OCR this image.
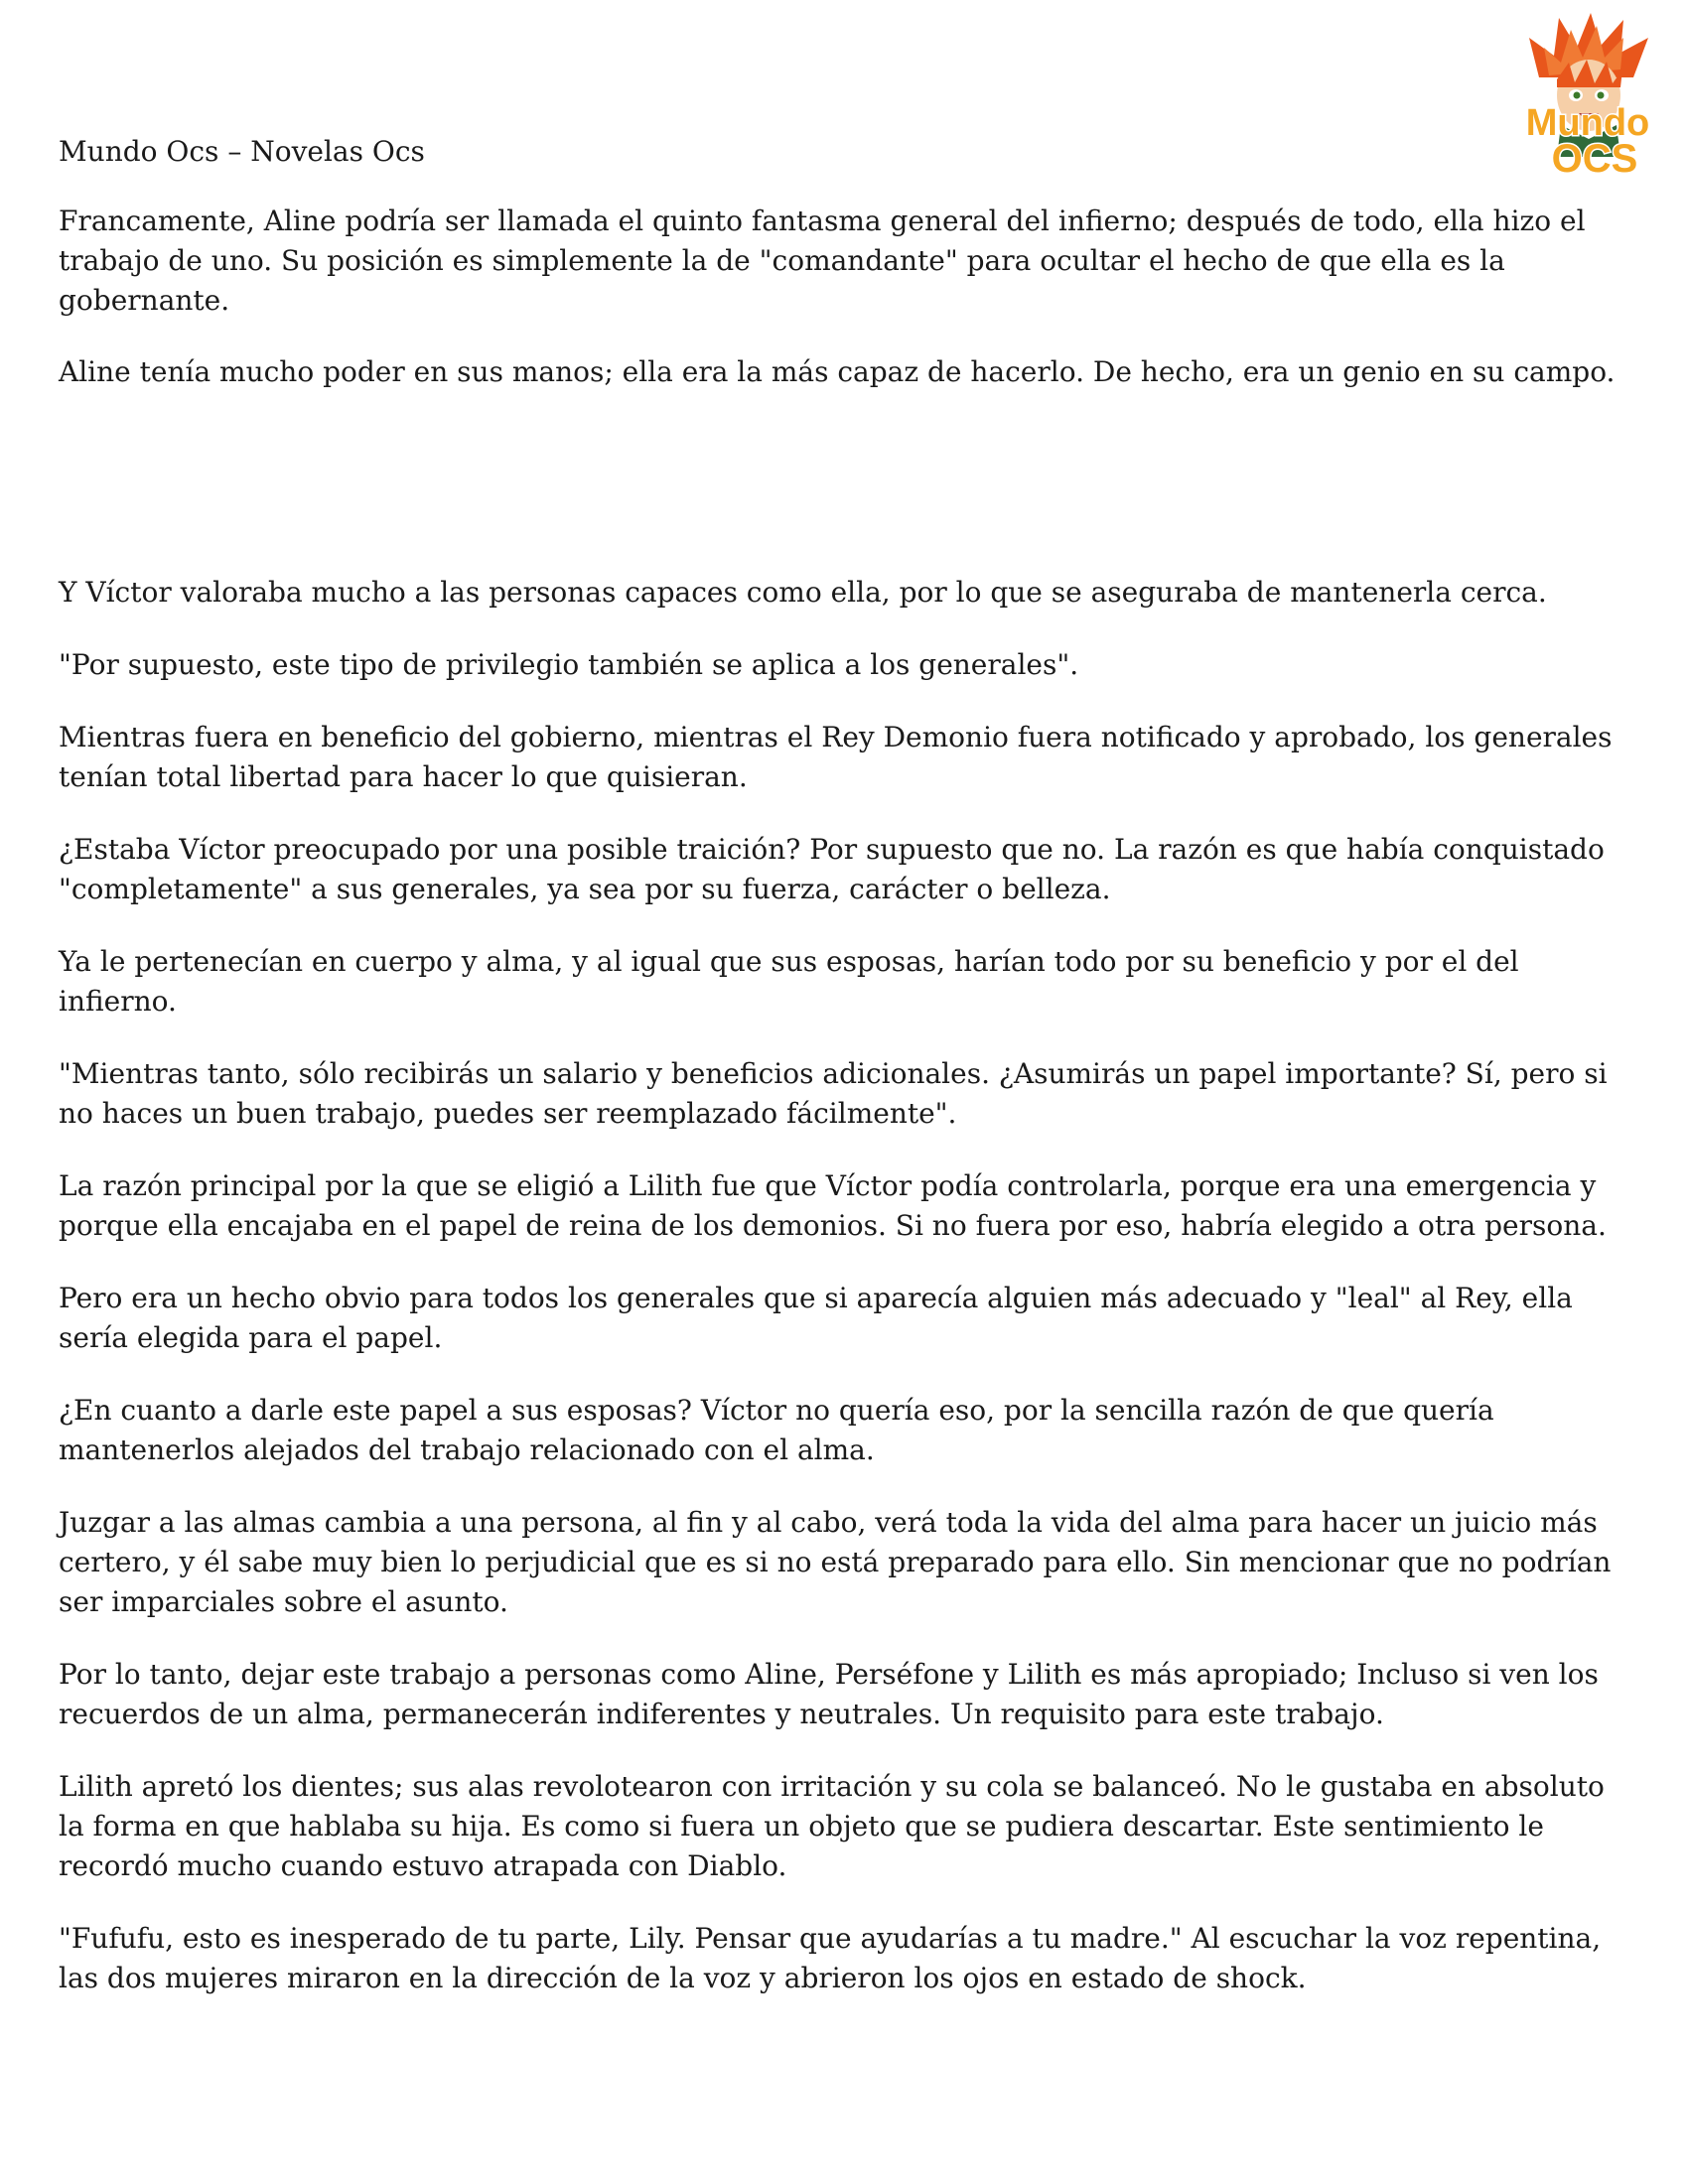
Mundo Ocs – Novelas Ocs
Mundo
OCS

Francamente, Aline podría ser llamada el quinto fantasma general del infierno; después de todo, ella hizo el trabajo de uno. Su posición es simplemente la de "comandante" para ocultar el hecho de que ella es la gobernante.

Aline tenía mucho poder en sus manos; ella era la más capaz de hacerlo. De hecho, era un genio en su campo.

Y Víctor valoraba mucho a las personas capaces como ella, por lo que se aseguraba de mantenerla cerca.

"Por supuesto, este tipo de privilegio también se aplica a los generales".

Mientras fuera en beneficio del gobierno, mientras el Rey Demonio fuera notificado y aprobado, los generales tenían total libertad para hacer lo que quisieran.

¿Estaba Víctor preocupado por una posible traición? Por supuesto que no. La razón es que había conquistado "completamente" a sus generales, ya sea por su fuerza, carácter o belleza.

Ya le pertenecían en cuerpo y alma, y al igual que sus esposas, harían todo por su beneficio y por el del infierno.

"Mientras tanto, sólo recibirás un salario y beneficios adicionales. ¿Asumirás un papel importante? Sí, pero si no haces un buen trabajo, puedes ser reemplazado fácilmente".

La razón principal por la que se eligió a Lilith fue que Víctor podía controlarla, porque era una emergencia y porque ella encajaba en el papel de reina de los demonios. Si no fuera por eso, habría elegido a otra persona.

Pero era un hecho obvio para todos los generales que si aparecía alguien más adecuado y "leal" al Rey, ella sería elegida para el papel.

¿En cuanto a darle este papel a sus esposas? Víctor no quería eso, por la sencilla razón de que quería mantenerlos alejados del trabajo relacionado con el alma.

Juzgar a las almas cambia a una persona, al fin y al cabo, verá toda la vida del alma para hacer un juicio más certero, y él sabe muy bien lo perjudicial que es si no está preparado para ello. Sin mencionar que no podrían ser imparciales sobre el asunto.

Por lo tanto, dejar este trabajo a personas como Aline, Perséfone y Lilith es más apropiado; Incluso si ven los recuerdos de un alma, permanecerán indiferentes y neutrales. Un requisito para este trabajo.

Lilith apretó los dientes; sus alas revolotearon con irritación y su cola se balanceó. No le gustaba en absoluto la forma en que hablaba su hija. Es como si fuera un objeto que se pudiera descartar. Este sentimiento le recordó mucho cuando estuvo atrapada con Diablo.

"Fufufu, esto es inesperado de tu parte, Lily. Pensar que ayudarías a tu madre." Al escuchar la voz repentina, las dos mujeres miraron en la dirección de la voz y abrieron los ojos en estado de shock.
